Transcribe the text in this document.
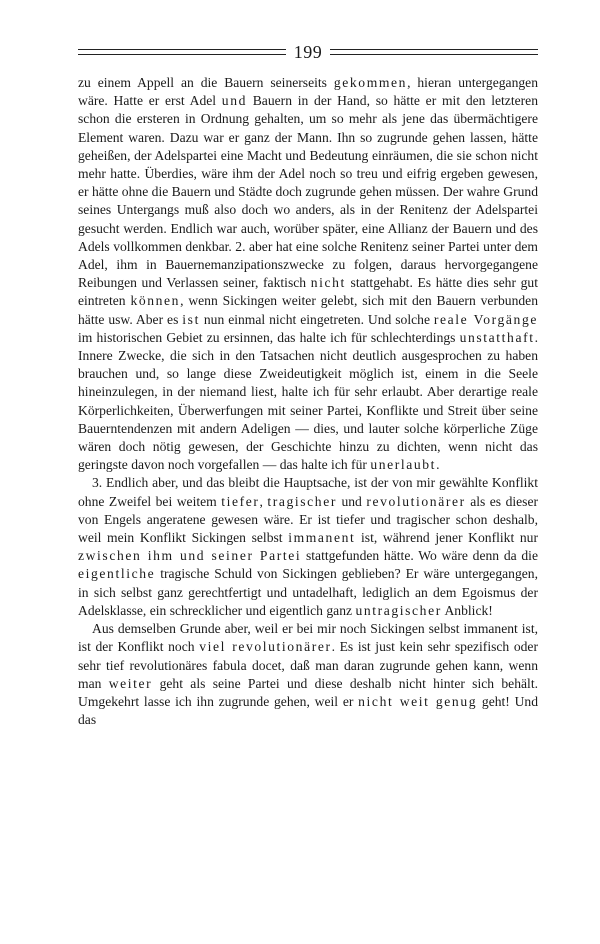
199

zu einem Appell an die Bauern seinerseits gekommen, hieran untergegangen wäre. Hatte er erst Adel und Bauern in der Hand, so hätte er mit den letzteren schon die ersteren in Ordnung gehalten, um so mehr als jene das übermächtigere Element waren. Dazu war er ganz der Mann. Ihn so zugrunde gehen lassen, hätte geheißen, der Adelspartei eine Macht und Bedeutung einräumen, die sie schon nicht mehr hatte. Überdies, wäre ihm der Adel noch so treu und eifrig ergeben gewesen, er hätte ohne die Bauern und Städte doch zugrunde gehen müssen. Der wahre Grund seines Untergangs muß also doch wo anders, als in der Renitenz der Adelspartei gesucht werden. Endlich war auch, worüber später, eine Allianz der Bauern und des Adels vollkommen denkbar. 2. aber hat eine solche Renitenz seiner Partei unter dem Adel, ihm in Bauernemanzipationszwecke zu folgen, daraus hervorgegangene Reibungen und Verlassen seiner, faktisch nicht stattgehabt. Es hätte dies sehr gut eintreten können, wenn Sickingen weiter gelebt, sich mit den Bauern verbunden hätte usw. Aber es ist nun einmal nicht eingetreten. Und solche reale Vorgänge im historischen Gebiet zu ersinnen, das halte ich für schlechterdings unstatthaft. Innere Zwecke, die sich in den Tatsachen nicht deutlich ausgesprochen zu haben brauchen und, so lange diese Zweideutigkeit möglich ist, einem in die Seele hineinzulegen, in der niemand liest, halte ich für sehr erlaubt. Aber derartige reale Körperlichkeiten, Überwerfungen mit seiner Partei, Konflikte und Streit über seine Bauerntendenzen mit andern Adeligen — dies, und lauter solche körperliche Züge wären doch nötig gewesen, der Geschichte hinzu zu dichten, wenn nicht das geringste davon noch vorgefallen — das halte ich für unerlaubt.

3. Endlich aber, und das bleibt die Hauptsache, ist der von mir gewählte Konflikt ohne Zweifel bei weitem tiefer, tragischer und revolutionärer als es dieser von Engels angeratene gewesen wäre. Er ist tiefer und tragischer schon deshalb, weil mein Konflikt Sickingen selbst immanent ist, während jener Konflikt nur zwischen ihm und seiner Partei stattgefunden hätte. Wo wäre denn da die eigentliche tragische Schuld von Sickingen geblieben? Er wäre untergegangen, in sich selbst ganz gerechtfertigt und untadelhaft, lediglich an dem Egoismus der Adelsklasse, ein schrecklicher und eigentlich ganz untragischer Anblick!

Aus demselben Grunde aber, weil er bei mir noch Sickingen selbst immanent ist, ist der Konflikt noch viel revolutionärer. Es ist just kein sehr spezifisch oder sehr tief revolutionäres fabula docet, daß man daran zugrunde gehen kann, wenn man weiter geht als seine Partei und diese deshalb nicht hinter sich behält. Umgekehrt lasse ich ihn zugrunde gehen, weil er nicht weit genug geht! Und das
